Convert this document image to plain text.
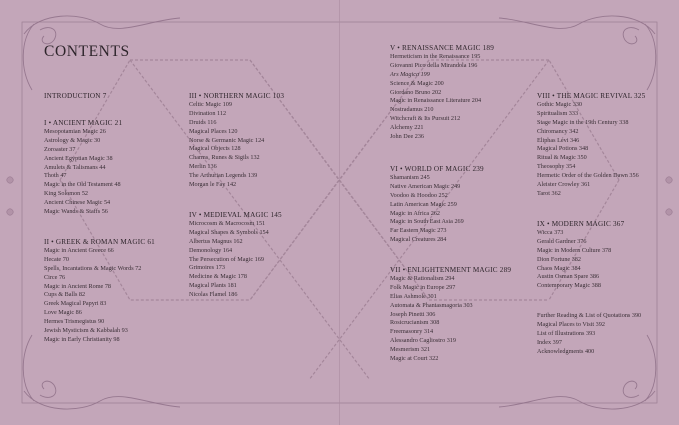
CONTENTS
INTRODUCTION 7
I • ANCIENT MAGIC 21
Mesopotamian Magic 26
Astrology & Magic 30
Zoroaster 37
Ancient Egyptian Magic 38
Amulets & Talismans 44
Thoth 47
Magic in the Old Testament 48
King Solomon 52
Ancient Chinese Magic 54
Magic Wands & Staffs 56
II • GREEK & ROMAN MAGIC 61
Magic in Ancient Greece 66
Hecate 70
Spells, Incantations & Magic Words 72
Circe 76
Magic in Ancient Rome 78
Cups & Balls 82
Greek Magical Papyri 83
Love Magic 86
Hermes Trismegistus 90
Jewish Mysticism & Kabbalah 93
Magic in Early Christianity 98
III • NORTHERN MAGIC 103
Celtic Magic 109
Divination 112
Druids 116
Magical Places 120
Norse & Germanic Magic 124
Magical Objects 128
Charms, Runes & Sigils 132
Merlin 136
The Arthurian Legends 139
Morgan le Fay 142
IV • MEDIEVAL MAGIC 145
Microcosm & Macrocosm 151
Magical Shapes & Symbols 154
Albertus Magnus 162
Demonology 164
The Persecution of Magic 169
Grimoires 173
Medicine & Magic 178
Magical Plants 181
Nicolas Flamel 186
V • RENAISSANCE MAGIC 189
Hermeticism in the Renaissance 195
Giovanni Pico della Mirandola 196
Ars Magica 199
Science & Magic 200
Giordano Bruno 202
Magic in Renaissance Literature 204
Nostradamus 210
Witchcraft & Its Pursuit 212
Alchemy 221
John Dee 236
VI • WORLD OF MAGIC 239
Shamanism 245
Native American Magic 249
Voodoo & Hoodoo 252
Latin American Magic 259
Magic in Africa 262
Magic in South East Asia 269
Far Eastern Magic 273
Magical Creatures 284
VII • ENLIGHTENMENT MAGIC 289
Magic & Rationalism 294
Folk Magic in Europe 297
Elias Ashmole 301
Automata & Phantasmagoria 303
Joseph Pinetti 306
Rosicrucianism 308
Freemasonry 314
Alessandro Cagliostro 319
Mesmerism 321
Magic at Court 322
VIII • THE MAGIC REVIVAL 325
Gothic Magic 330
Spiritualism 333
Stage Magic in the 19th Century 338
Chiromancy 342
Eliphas Lévi 346
Magical Potions 348
Ritual & Magic 350
Theosophy 354
Hermetic Order of the Golden Dawn 356
Aleister Crowley 361
Tarot 362
IX • MODERN MAGIC 367
Wicca 373
Gerald Gardner 376
Magic in Modern Culture 378
Dion Fortune 382
Chaos Magic 384
Austin Osman Spare 386
Contemporary Magic 388
Further Reading & List of Quotations 390
Magical Places to Visit 392
List of Illustrations 393
Index 397
Acknowledgments 400
